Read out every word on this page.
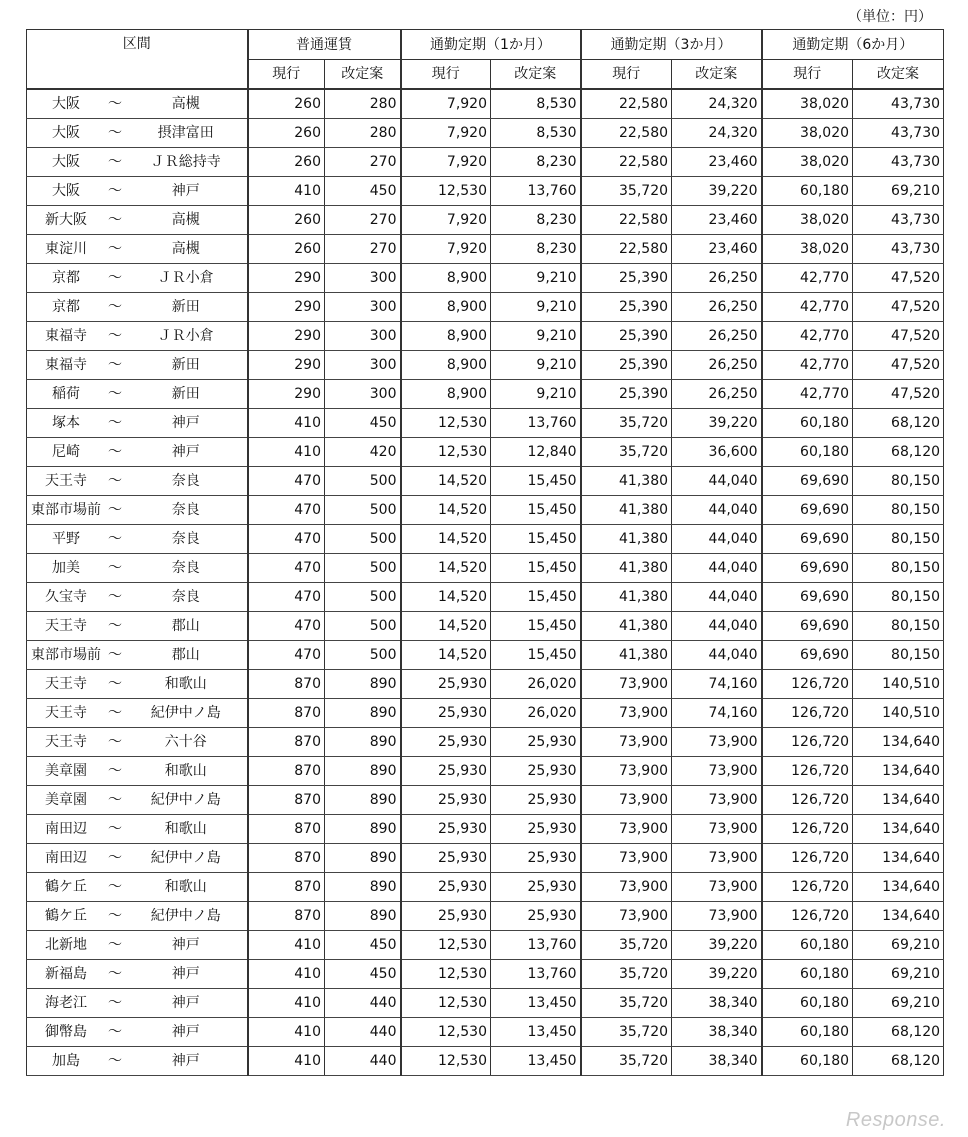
（単位：円）
区間	普通運賃		通勤定期（1か月）		通勤定期（3か月）		通勤定期（6か月）	
	現行	改定案	現行	改定案	現行	改定案	現行	改定案

大阪 ～ 高槻	260	280	7,920	8,530	22,580	24,320	38,020	43,730

大阪 ～ 摂津富田	260	280	7,920	8,530	22,580	24,320	38,020	43,730

大阪 ～ ＪＲ総持寺	260	270	7,920	8,230	22,580	23,460	38,020	43,730

大阪 ～ 神戸	410	450	12,530	13,760	35,720	39,220	60,180	69,210

新大阪 ～ 高槻	260	270	7,920	8,230	22,580	23,460	38,020	43,730

東淀川 ～ 高槻	260	270	7,920	8,230	22,580	23,460	38,020	43,730

京都 ～ ＪＲ小倉	290	300	8,900	9,210	25,390	26,250	42,770	47,520

京都 ～ 新田	290	300	8,900	9,210	25,390	26,250	42,770	47,520

東福寺 ～ ＪＲ小倉	290	300	8,900	9,210	25,390	26,250	42,770	47,520

東福寺 ～ 新田	290	300	8,900	9,210	25,390	26,250	42,770	47,520

稲荷 ～ 新田	290	300	8,900	9,210	25,390	26,250	42,770	47,520

塚本 ～ 神戸	410	450	12,530	13,760	35,720	39,220	60,180	68,120

尼崎 ～ 神戸	410	420	12,530	12,840	35,720	36,600	60,180	68,120

天王寺 ～ 奈良	470	500	14,520	15,450	41,380	44,040	69,690	80,150

東部市場前 ～ 奈良	470	500	14,520	15,450	41,380	44,040	69,690	80,150

平野 ～ 奈良	470	500	14,520	15,450	41,380	44,040	69,690	80,150

加美 ～ 奈良	470	500	14,520	15,450	41,380	44,040	69,690	80,150

久宝寺 ～ 奈良	470	500	14,520	15,450	41,380	44,040	69,690	80,150

天王寺 ～ 郡山	470	500	14,520	15,450	41,380	44,040	69,690	80,150

東部市場前 ～ 郡山	470	500	14,520	15,450	41,380	44,040	69,690	80,150

天王寺 ～ 和歌山	870	890	25,930	26,020	73,900	74,160	126,720	140,510

天王寺 ～ 紀伊中ノ島	870	890	25,930	26,020	73,900	74,160	126,720	140,510

天王寺 ～ 六十谷	870	890	25,930	25,930	73,900	73,900	126,720	134,640

美章園 ～ 和歌山	870	890	25,930	25,930	73,900	73,900	126,720	134,640

美章園 ～ 紀伊中ノ島	870	890	25,930	25,930	73,900	73,900	126,720	134,640

南田辺 ～ 和歌山	870	890	25,930	25,930	73,900	73,900	126,720	134,640

南田辺 ～ 紀伊中ノ島	870	890	25,930	25,930	73,900	73,900	126,720	134,640

鶴ケ丘 ～ 和歌山	870	890	25,930	25,930	73,900	73,900	126,720	134,640

鶴ケ丘 ～ 紀伊中ノ島	870	890	25,930	25,930	73,900	73,900	126,720	134,640

北新地 ～ 神戸	410	450	12,530	13,760	35,720	39,220	60,180	69,210

新福島 ～ 神戸	410	450	12,530	13,760	35,720	39,220	60,180	69,210

海老江 ～ 神戸	410	440	12,530	13,450	35,720	38,340	60,180	69,210

御幣島 ～ 神戸	410	440	12,530	13,450	35,720	38,340	60,180	68,120

加島 ～ 神戸	410	440	12,530	13,450	35,720	38,340	60,180	68,120
Response.
